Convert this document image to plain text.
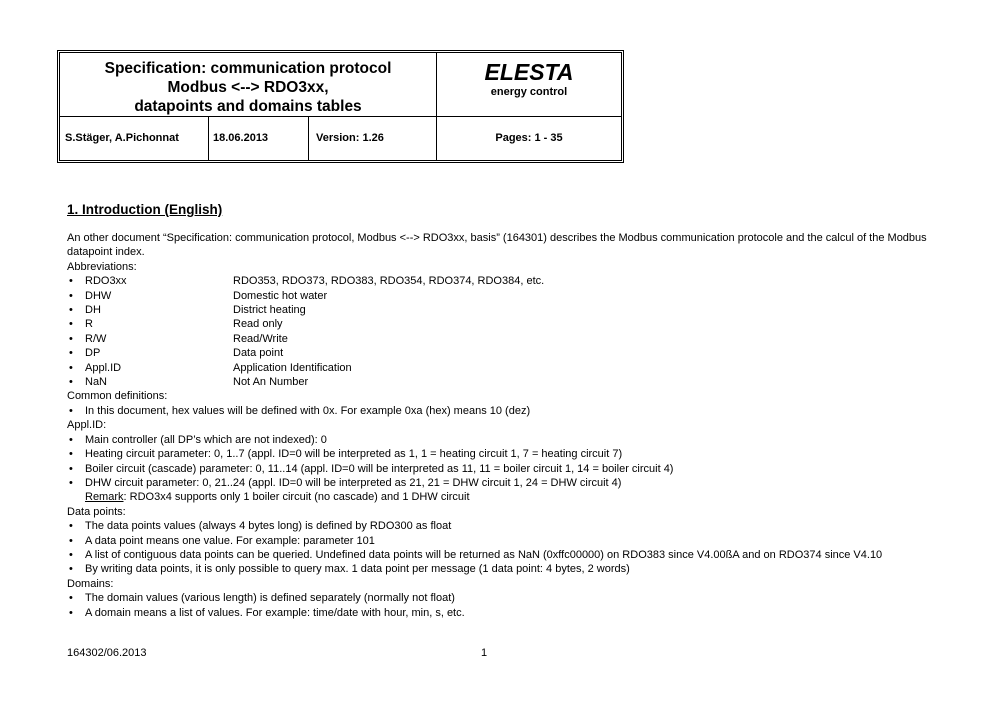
Specification: communication protocol
Modbus <--> RDO3xx,
datapoints and domains tables
ELESTA
energy control
S.Stäger, A.Pichonnat	18.06.2013	Version: 1.26	Pages: 1 - 35
1. Introduction (English)
An other document “Specification: communication protocol, Modbus <--> RDO3xx, basis” (164301) describes the Modbus communication protocole and the calcul of the Modbus datapoint index.
Abbreviations:
• RDO3xx	RDO353, RDO373, RDO383, RDO354, RDO374, RDO384, etc.
• DHW	Domestic hot water
• DH	District heating
• R	Read only
• R/W	Read/Write
• DP	Data point
• Appl.ID	Application Identification
• NaN	Not An Number
Common definitions:
• In this document, hex values will be defined with 0x. For example 0xa (hex) means 10 (dez)
Appl.ID:
• Main controller (all DP’s which are not indexed): 0
• Heating circuit parameter: 0, 1..7 (appl. ID=0 will be interpreted as 1, 1 = heating circuit 1, 7 = heating circuit 7)
• Boiler circuit (cascade) parameter: 0, 11..14 (appl. ID=0 will be interpreted as 11, 11 = boiler circuit 1, 14 = boiler circuit 4)
• DHW circuit parameter: 0, 21..24 (appl. ID=0 will be interpreted as 21, 21 = DHW circuit 1, 24 = DHW circuit 4)
Remark: RDO3x4 supports only 1 boiler circuit (no cascade) and 1 DHW circuit
Data points:
• The data points values (always 4 bytes long) is defined by RDO300 as float
• A data point means one value. For example: parameter 101
• A list of contiguous data points can be queried. Undefined data points will be returned as NaN (0xffc00000) on RDO383 since V4.00ßA and on RDO374 since V4.10
• By writing data points, it is only possible to query max. 1 data point per message (1 data point: 4 bytes, 2 words)
Domains:
• The domain values (various length) is defined separately (normally not float)
• A domain means a list of values. For example: time/date with hour, min, s, etc.
164302/06.2013	1
